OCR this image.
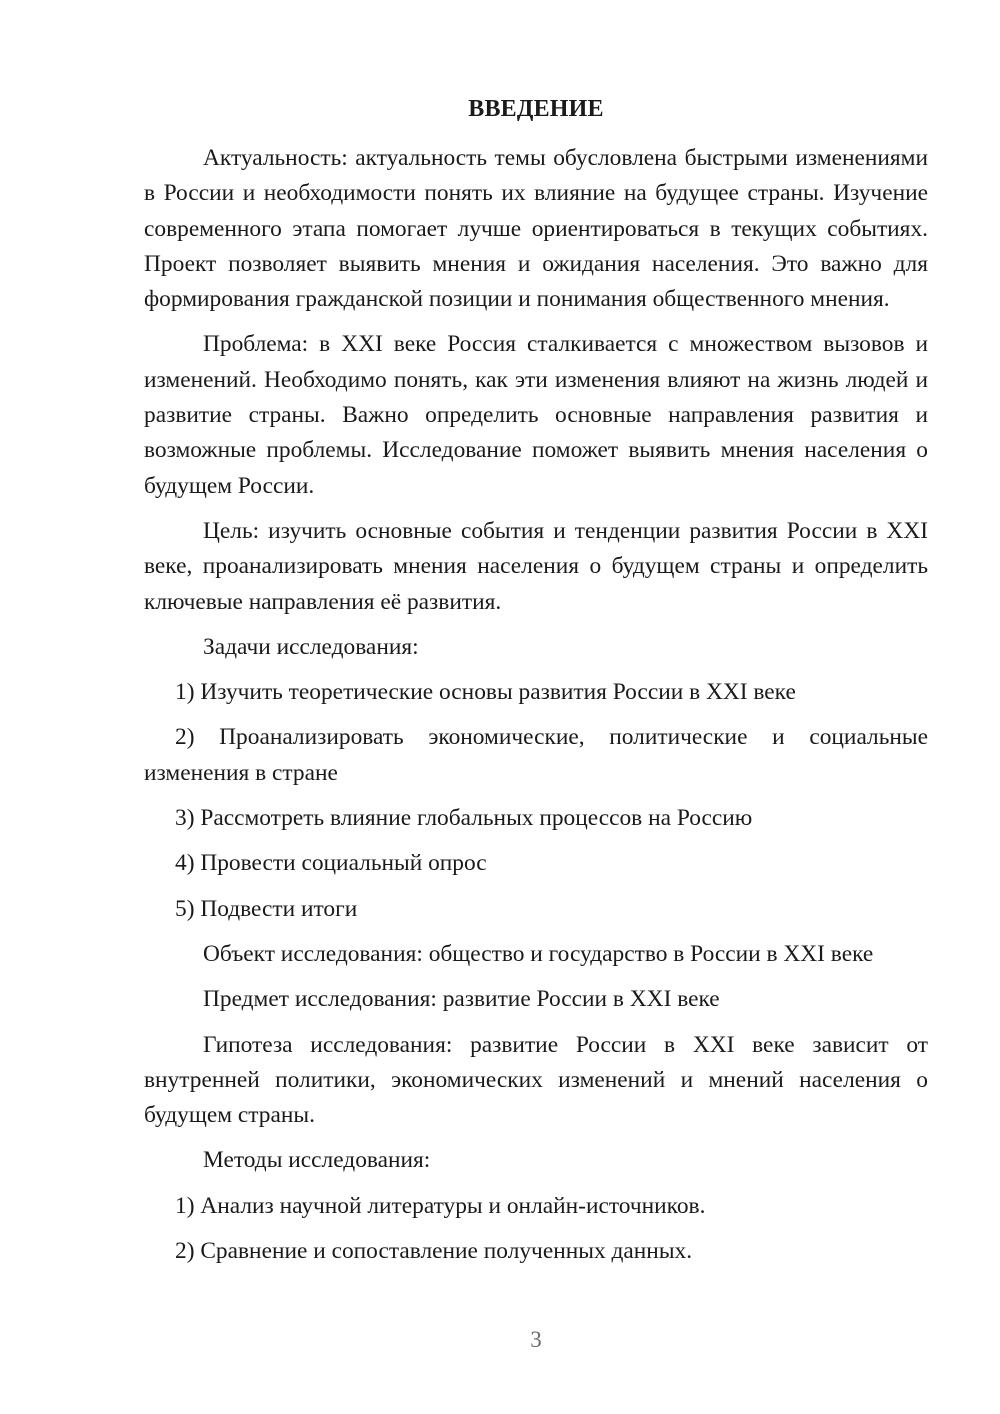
ВВЕДЕНИЕ

Актуальность: актуальность темы обусловлена быстрыми изменениями в России и необходимости понять их влияние на будущее страны. Изучение современного этапа помогает лучше ориентироваться в текущих событиях. Проект позволяет выявить мнения и ожидания населения. Это важно для формирования гражданской позиции и понимания общественного мнения.

Проблема: в XXI веке Россия сталкивается с множеством вызовов и изменений. Необходимо понять, как эти изменения влияют на жизнь людей и развитие страны. Важно определить основные направления развития и возможные проблемы. Исследование поможет выявить мнения населения о будущем России.

Цель: изучить основные события и тенденции развития России в XXI веке, проанализировать мнения населения о будущем страны и определить ключевые направления её развития.

Задачи исследования:

1) Изучить теоретические основы развития России в XXI веке

2) Проанализировать экономические, политические и социальные изменения в стране

3) Рассмотреть влияние глобальных процессов на Россию

4) Провести социальный опрос

5) Подвести итоги

Объект исследования: общество и государство в России в XXI веке

Предмет исследования: развитие России в XXI веке

Гипотеза исследования: развитие России в XXI веке зависит от внутренней политики, экономических изменений и мнений населения о будущем страны.

Методы исследования:

1) Анализ научной литературы и онлайн-источников.

2) Сравнение и сопоставление полученных данных.

3
